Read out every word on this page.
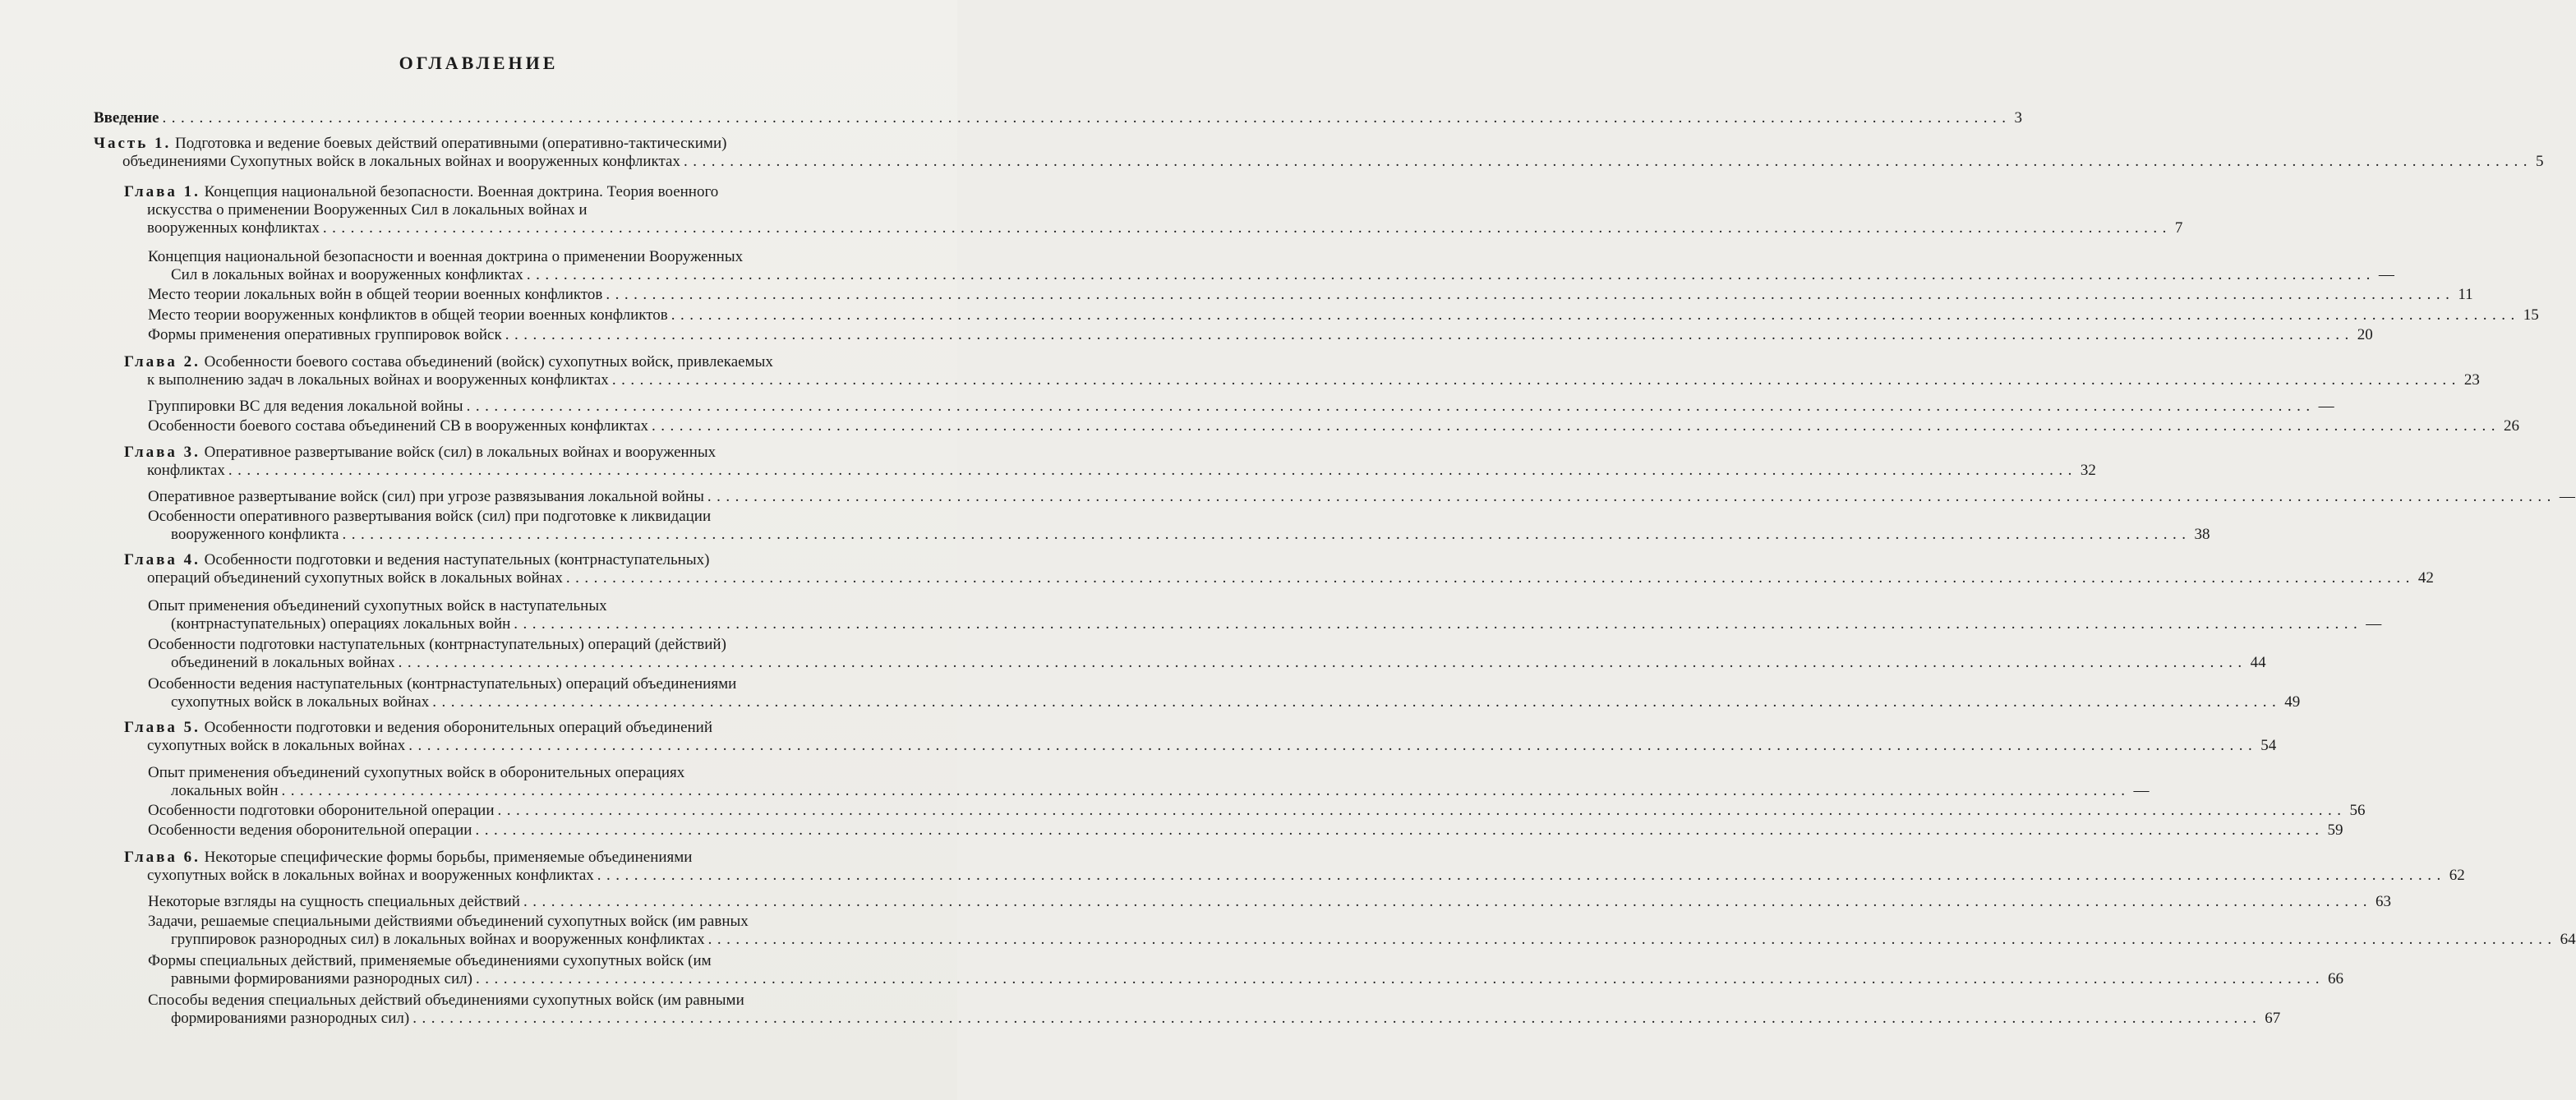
ОГЛАВЛЕНИЕ
Введение ........................................................................................................................................................................................................ 3
Часть 1. Подготовка и ведение боевых действий оперативными (оперативно-тактическими)
объединениями Сухопутных войск в локальных войнах и вооруженных конфликтах ........................................................................................................................................................................................................ 5
Глава 1. Концепция национальной безопасности. Военная доктрина. Теория военного
искусства о применении Вооруженных Сил в локальных войнах и
вооруженных конфликтах ........................................................................................................................................................................................................ 7
Концепция национальной безопасности и военная доктрина о применении Вооруженных
Сил в локальных войнах и вооруженных конфликтах ........................................................................................................................................................................................................ —
Место теории локальных войн в общей теории военных конфликтов ........................................................................................................................................................................................................ 11
Место теории вооруженных конфликтов в общей теории военных конфликтов ........................................................................................................................................................................................................ 15
Формы применения оперативных группировок войск ........................................................................................................................................................................................................ 20
Глава 2. Особенности боевого состава объединений (войск) сухопутных войск, привлекаемых
к выполнению задач в локальных войнах и вооруженных конфликтах ........................................................................................................................................................................................................ 23
Группировки ВС для ведения локальной войны ........................................................................................................................................................................................................ —
Особенности боевого состава объединений СВ в вооруженных конфликтах ........................................................................................................................................................................................................ 26
Глава 3. Оперативное развертывание войск (сил) в локальных войнах и вооруженных
конфликтах ........................................................................................................................................................................................................ 32
Оперативное развертывание войск (сил) при угрозе развязывания локальной войны ........................................................................................................................................................................................................ —
Особенности оперативного развертывания войск (сил) при подготовке к ликвидации
вооруженного конфликта ........................................................................................................................................................................................................ 38
Глава 4. Особенности подготовки и ведения наступательных (контрнаступательных)
операций объединений сухопутных войск в локальных войнах ........................................................................................................................................................................................................ 42
Опыт применения объединений сухопутных войск в наступательных
(контрнаступательных) операциях локальных войн ........................................................................................................................................................................................................ —
Особенности подготовки наступательных (контрнаступательных) операций (действий)
объединений в локальных войнах ........................................................................................................................................................................................................ 44
Особенности ведения наступательных (контрнаступательных) операций объединениями
сухопутных войск в локальных войнах ........................................................................................................................................................................................................ 49
Глава 5. Особенности подготовки и ведения оборонительных операций объединений
сухопутных войск в локальных войнах ........................................................................................................................................................................................................ 54
Опыт применения объединений сухопутных войск в оборонительных операциях
локальных войн ........................................................................................................................................................................................................ —
Особенности подготовки оборонительной операции ........................................................................................................................................................................................................ 56
Особенности ведения оборонительной операции ........................................................................................................................................................................................................ 59
Глава 6. Некоторые специфические формы борьбы, применяемые объединениями
сухопутных войск в локальных войнах и вооруженных конфликтах ........................................................................................................................................................................................................ 62
Некоторые взгляды на сущность специальных действий ........................................................................................................................................................................................................ 63
Задачи, решаемые специальными действиями объединений сухопутных войск (им равных
группировок разнородных сил) в локальных войнах и вооруженных конфликтах ........................................................................................................................................................................................................ 64
Формы специальных действий, применяемые объединениями сухопутных войск (им
равными формированиями разнородных сил) ........................................................................................................................................................................................................ 66
Способы ведения специальных действий объединениями сухопутных войск (им равными
формированиями разнородных сил) ........................................................................................................................................................................................................ 67
